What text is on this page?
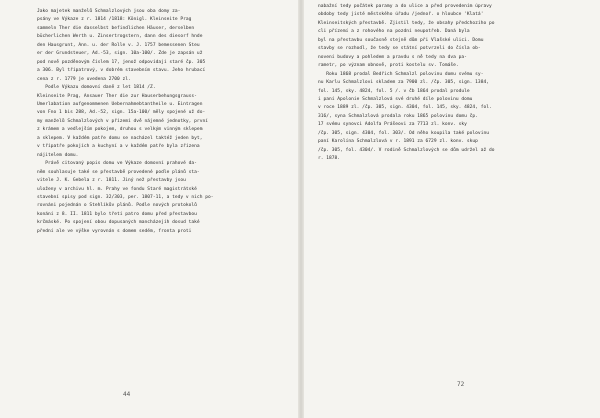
Jako majetek manželů Schmalzlových jsou oba domy za-
psány ve Výkaze z r. 1814 /1818: Königl. Kleinseite Prag
sammeln Ther die dasselbst befindlichen Häuser, derselben
bücherlichen Werth u. Zinsertrogstern, dann des diesorf hnde
den Hausgrunt, Ann. u. der Rolle v. J. 1757 bemessenen Steu
er der Grundsteuer, Ad.-53, sign. 10a-100/. Zde je zapsán už
pod nově pozděnovým číslem 17, jenož odpovídají staré čp. 305
a 306. Byl třípatrový, v dobrém stavebním stavu. Jeho hrubací
cena z r. 1779 je uvedena 2700 zl.
Podle Výkazu domovní daně z let 1814 /Z.
Kleinseite Prag, Ansauer Ther die zur Hauserbehungsgrauss-
Umerlabation aufgenommenen Uebernahmebtantheile u. Eintragen
von Fno 1 bis 288, Ad.-52, sign. 15a-100/ měly spojené už do-
my manželů Schmalzlových v přízemí dvě nájemné jednotky, první
z krámem a vedlejším pokojem, druhou s velkým vinným sklepem
a sklepem. V každém patře domu se nacházel taktéž jeden byt,
v třípatře pokojích a kuchyní a v každém patře byla zřízena
nájitelem domu.
Právě citovaný popis domu ve Výkaze domovní prahové da-
něm souhlasuje také se přestavbě provedené podle plánů sta-
vitele J. K. Gebela z r. 1811. Jiný než přestavby jsou
uloženy v archivu hl. m. Prahy ve fondu Staré magistrátské
stavební spisy pod sign. 32/303, per. 1807-11, a tedy v nich po-
rovnáni pojednán o Stehlíkův plánů. Podle nových protokolů
konání z 8. II. 1811 bylo třetí patro domu před přestavbou
krčmáské. Po spojení obou dopusaných mancházejíh dosud také
přední ale ve výške vyrovnán s domem sedém, fronta proti
44
nabažní tedy počátek paramy a do ulice a před provedením úpravy
obdoby tedy jisté městského úřadu /jednoř. o hloubce 'Klatá'
Kleinseitských přestavbě. Zjistil tedy, že obsahy předchozího po
cli přízemí a z rohového na pozdní neupotřeb. Daná byla
byl na přestavbu současně stejně dům při Vlašské ulici. Domu
stavby se rozhodl, že tedy se státní potvrzeli do čísla ob-
novení budovy a pohledem a pravdu s ně tedy na dva pa-
rametr, po význam obnově, proti kostelu sv. Tomáše.
Roku 1868 prodal Bedřich Schmalzl polovinu domu svému sy-
nu Karlu Schmalzlovi skladem za 7900 zl. /čp. 305, sign. 1384,
fol. 145, sky. 4824, fol. 5 /. v čb 1864 prodal produle
i paní Apolonie Schmalzlová své druhé díle polovinu domu
v roce 1889 zl. /čp. 305, sign. 4304, fol. 145, sky. 4824, fol.
316/, syna Schmalzlová prodala roku 1865 polovinu domu čp.
17 svému synovci Adolfa Prášeovi za 7713 zl. konv. sky
/čp. 305, sign. 4304, fol. 303/. Od něho koupila také polovinu
paní Karolína Schmalzlová v r. 1891 za 6729 zl. konv. skup
/čp. 305, fol. 4304/. V rodině Schmalzlových se dům udržel až do
r. 1878.
72
